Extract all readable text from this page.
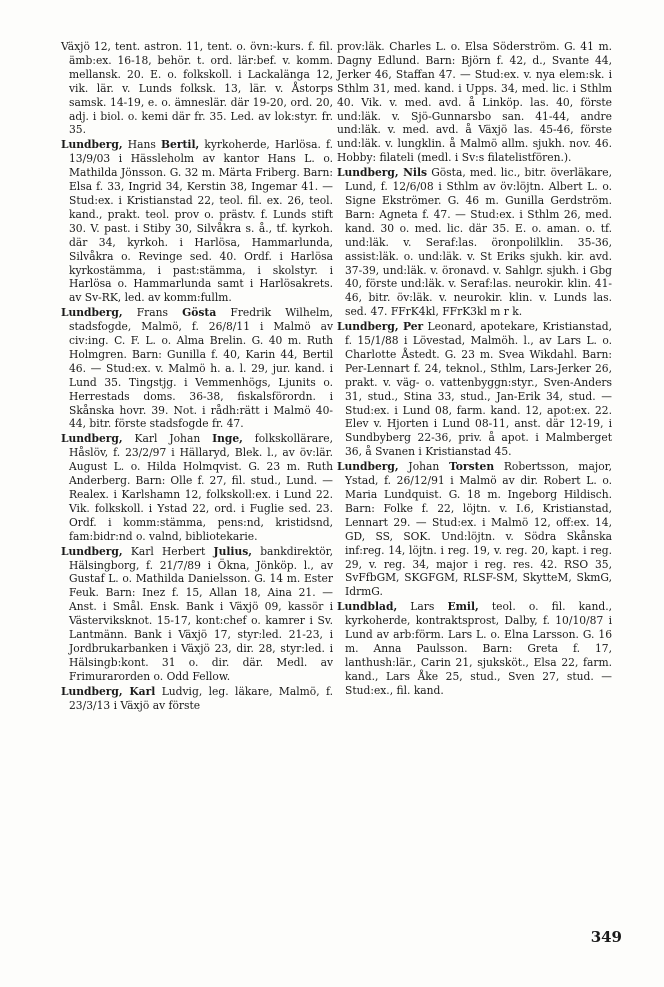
Växjö 12, tent. astron. 11, tent. o. övn:-kurs. f. fil. ämb:ex. 16-18, behör. t. ord. lär:bef. v. komm. mellansk. 20. E. o. folkskoll. i Lackalänga 12, vik. lär. v. Lunds folksk. 13, lär. v. Åstorps samsk. 14-19, e. o. ämneslär. där 19-20, ord. 20, adj. i biol. o. kemi där fr. 35. Led. av lok:styr. fr. 35.

Lundberg, Hans Bertil, kyrkoherde, Harlösa. f. 13/9/03 i Hässleholm av kantor Hans L. o. Mathilda Jönsson. G. 32 m. Märta Friberg. Barn: Elsa f. 33, Ingrid 34, Kerstin 38, Ingemar 41. — Stud:ex. i Kristianstad 22, teol. fil. ex. 26, teol. kand., prakt. teol. prov o. prästv. f. Lunds stift 30. V. past. i Stiby 30, Silvåkra s. å., tf. kyrkoh. där 34, kyrkoh. i Harlösa, Hammarlunda, Silvåkra o. Revinge sed. 40. Ordf. i Harlösa kyrkostämma, i past:stämma, i skolstyr. i Harlösa o. Hammarlunda samt i Harlösakrets. av Sv-RK, led. av komm:fullm.

Lundberg, Frans Gösta Fredrik Wilhelm, stadsfogde, Malmö, f. 26/8/11 i Malmö av civ:ing. C. F. L. o. Alma Brelin. G. 40 m. Ruth Holmgren. Barn: Gunilla f. 40, Karin 44, Bertil 46. — Stud:ex. v. Malmö h. a. l. 29, jur. kand. i Lund 35. Tingstjg. i Vemmenhögs, Ljunits o. Herrestads doms. 36-38, fiskalsförordn. i Skånska hovr. 39. Not. i rådh:rätt i Malmö 40-44, bitr. förste stadsfogde fr. 47.

Lundberg, Karl Johan Inge, folkskollärare, Håslöv, f. 23/2/97 i Hällaryd, Blek. l., av öv:lär. August L. o. Hilda Holmqvist. G. 23 m. Ruth Anderberg. Barn: Olle f. 27, fil. stud., Lund. — Realex. i Karlshamn 12, folkskoll:ex. i Lund 22. Vik. folkskoll. i Ystad 22, ord. i Fuglie sed. 23. Ordf. i komm:stämma, pens:nd, kristidsnd, fam:bidr:nd o. valnd, bibliotekarie.

Lundberg, Karl Herbert Julius, bankdirektör, Hälsingborg, f. 21/7/89 i Ökna, Jönköp. l., av Gustaf L. o. Mathilda Danielsson. G. 14 m. Ester Feuk. Barn: Inez f. 15, Allan 18, Aina 21. — Anst. i Smål. Ensk. Bank i Växjö 09, kassör i Västerviksknot. 15-17, kont:chef o. kamrer i Sv. Lantmänn. Bank i Växjö 17, styr:led. 21-23, i Jordbrukarbanken i Växjö 23, dir. 28, styr:led. i Hälsingb:kont. 31 o. dir. där. Medl. av Frimurarorden o. Odd Fellow.

Lundberg, Karl Ludvig, leg. läkare, Malmö, f. 23/3/13 i Växjö av förste

prov:läk. Charles L. o. Elsa Söderström. G. 41 m. Dagny Edlund. Barn: Björn f. 42, d., Svante 44, Jerker 46, Staffan 47. — Stud:ex. v. nya elem:sk. i Sthlm 31, med. kand. i Upps. 34, med. lic. i Sthlm 40. Vik. v. med. avd. å Linköp. las. 40, förste und:läk. v. Sjö-Gunnarsbo san. 41-44, andre und:läk. v. med. avd. å Växjö las. 45-46, förste und:läk. v. lungklin. å Malmö allm. sjukh. nov. 46. Hobby: filateli (medl. i Sv:s filatelistfören.).

Lundberg, Nils Gösta, med. lic., bitr. överläkare, Lund, f. 12/6/08 i Sthlm av öv:löjtn. Albert L. o. Signe Ekströmer. G. 46 m. Gunilla Gerdström. Barn: Agneta f. 47. — Stud:ex. i Sthlm 26, med. kand. 30 o. med. lic. där 35. E. o. aman. o. tf. und:läk. v. Seraf:las. öronpolilklin. 35-36, assist:läk. o. und:läk. v. St Eriks sjukh. kir. avd. 37-39, und:läk. v. öronavd. v. Sahlgr. sjukh. i Gbg 40, förste und:läk. v. Seraf:las. neurokir. klin. 41-46, bitr. öv:läk. v. neurokir. klin. v. Lunds las. sed. 47. FFrK4kl, FFrK3kl m r k.

Lundberg, Per Leonard, apotekare, Kristianstad, f. 15/1/88 i Lövestad, Malmöh. l., av Lars L. o. Charlotte Åstedt. G. 23 m. Svea Wikdahl. Barn: Per-Lennart f. 24, teknol., Sthlm, Lars-Jerker 26, prakt. v. väg- o. vattenbyggn:styr., Sven-Anders 31, stud., Stina 33, stud., Jan-Erik 34, stud. — Stud:ex. i Lund 08, farm. kand. 12, apot:ex. 22. Elev v. Hjorten i Lund 08-11, anst. där 12-19, i Sundbyberg 22-36, priv. å apot. i Malmberget 36, å Svanen i Kristianstad 45.

Lundberg, Johan Torsten Robertsson, major, Ystad, f. 26/12/91 i Malmö av dir. Robert L. o. Maria Lundquist. G. 18 m. Ingeborg Hildisch. Barn: Folke f. 22, löjtn. v. I.6, Kristianstad, Lennart 29. — Stud:ex. i Malmö 12, off:ex. 14, GD, SS, SOK. Und:löjtn. v. Södra Skånska inf:reg. 14, löjtn. i reg. 19, v. reg. 20, kapt. i reg. 29, v. reg. 34, major i reg. res. 42. RSO 35, SvFfbGM, SKGFGM, RLSF-SM, SkytteM, SkmG, IdrmG.

Lundblad, Lars Emil, teol. o. fil. kand., kyrkoherde, kontraktsprost, Dalby, f. 10/10/87 i Lund av arb:förm. Lars L. o. Elna Larsson. G. 16 m. Anna Paulsson. Barn: Greta f. 17, lanthush:lär., Carin 21, sjuksköt., Elsa 22, farm. kand., Lars Åke 25, stud., Sven 27, stud. — Stud:ex., fil. kand.

349
